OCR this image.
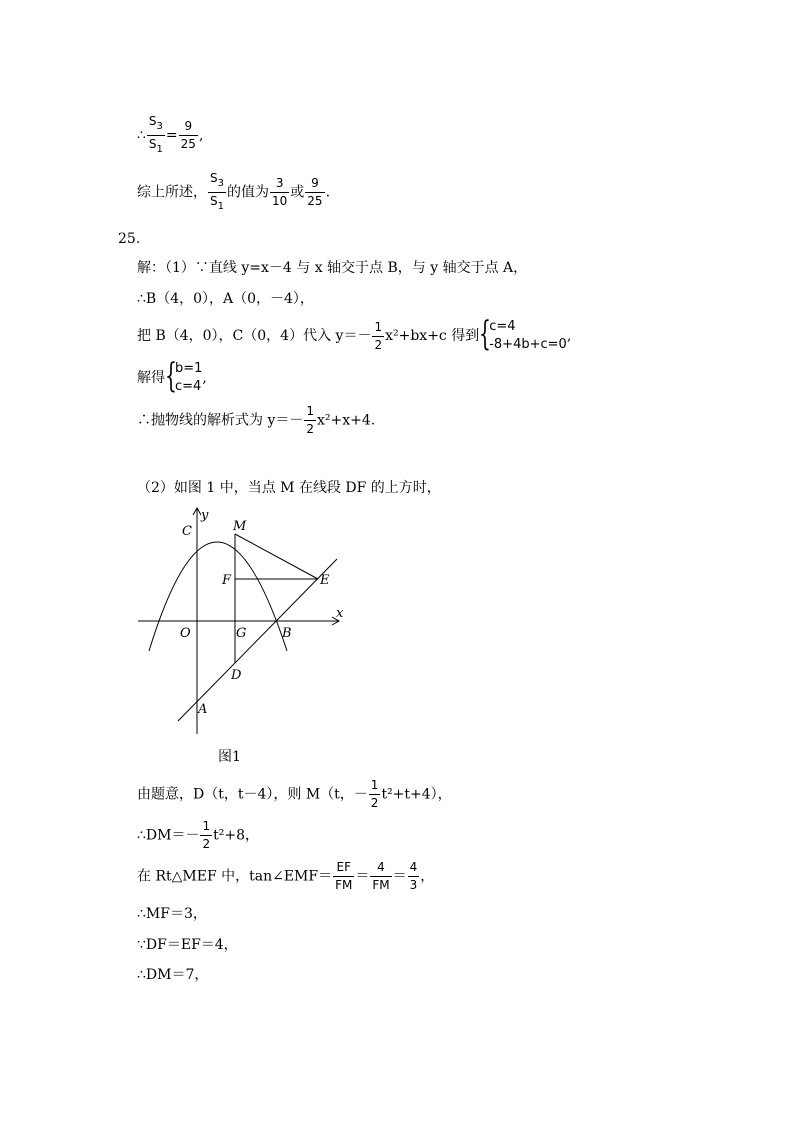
∴ $\frac{S_3}{S_1} = \frac{9}{25}$ ,
综上所述， $\frac{S_3}{S_1}$ 的值为 $\frac{3}{10}$ 或 $\frac{9}{25}$ .
25.
解：（1）∵直线 y=x－4 与 x 轴交于点 B，与 y 轴交于点 A，
∴B（4，0），A（0，－4），
把 B（4，0），C（0，4）代入 $y=- \frac{1}{2} x^2+bx+c$ 得到 {
c=4
-8+4b+c=0
,
解得 {
b=1
c=4
,
∴抛物线的解析式为 $y=- \frac{1}{2} x^2+x+4$.
（2）如图 1 中，当点 M 在线段 DF 的上方时，
y
x
C	M
F	E
O	G	B
D
A
图1
由题意，D（t，t－4），则 M（t，－ $\frac{1}{2} t^2+t+4$），
∴DM＝－ $\frac{1}{2} t^2+8$，
在 Rt△MEF 中，tan∠EMF＝ $\frac{EF}{FM} = \frac{4}{FM} = \frac{4}{3}$ ，
∴MF＝3，
∵DF＝EF＝4，
∴DM＝7，
